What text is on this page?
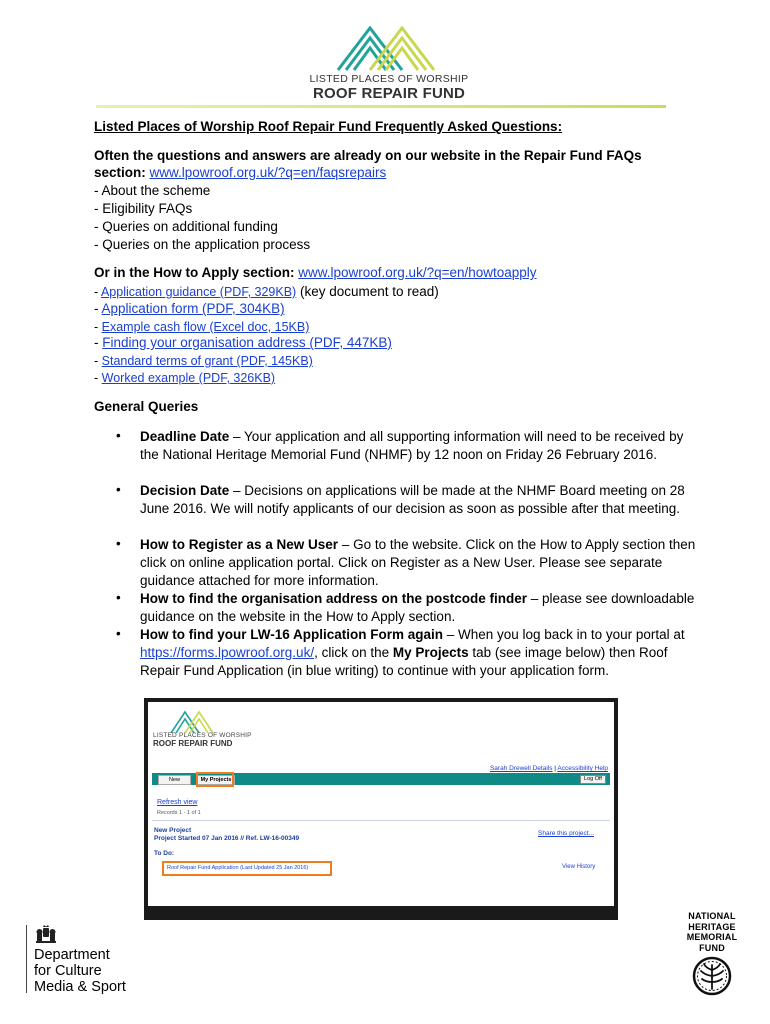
LISTED PLACES OF WORSHIP
ROOF REPAIR FUND
Listed Places of Worship Roof Repair Fund Frequently Asked Questions:
Often the questions and answers are already on our website in the Repair Fund FAQs
section: www.lpowroof.org.uk/?q=en/faqsrepairs
- About the scheme
- Eligibility FAQs
- Queries on additional funding
- Queries on the application process
Or in the How to Apply section: www.lpowroof.org.uk/?q=en/howtoapply
- Application guidance (PDF, 329KB) (key document to read)
- Application form (PDF, 304KB)
- Example cash flow (Excel doc, 15KB)
- Finding your organisation address (PDF, 447KB)
- Standard terms of grant (PDF, 145KB)
- Worked example (PDF, 326KB)
General Queries
• Deadline Date – Your application and all supporting information will need to be received by the National Heritage Memorial Fund (NHMF) by 12 noon on Friday 26 February 2016.
• Decision Date – Decisions on applications will be made at the NHMF Board meeting on 28 June 2016. We will notify applicants of our decision as soon as possible after that meeting.
• How to Register as a New User – Go to the website. Click on the How to Apply section then click on online application portal. Click on Register as a New User. Please see separate guidance attached for more information.
• How to find the organisation address on the postcode finder – please see downloadable guidance on the website in the How to Apply section.
• How to find your LW-16 Application Form again – When you log back in to your portal at https://forms.lpowroof.org.uk/, click on the My Projects tab (see image below) then Roof Repair Fund Application (in blue writing) to continue with your application form.
LISTED PLACES OF WORSHIP
ROOF REPAIR FUND
Sarah Drewell Details | Accessibility Help
New	My Projects	Log Off
Refresh view
Records 1 - 1 of 1
New Project
Project Started 07 Jan 2016 // Ref. LW-16-00349
Share this project...
To Do:
Roof Repair Fund Application (Last Updated 25 Jan 2016)	View History
Department
for Culture
Media & Sport
NATIONAL
HERITAGE
MEMORIAL
FUND
